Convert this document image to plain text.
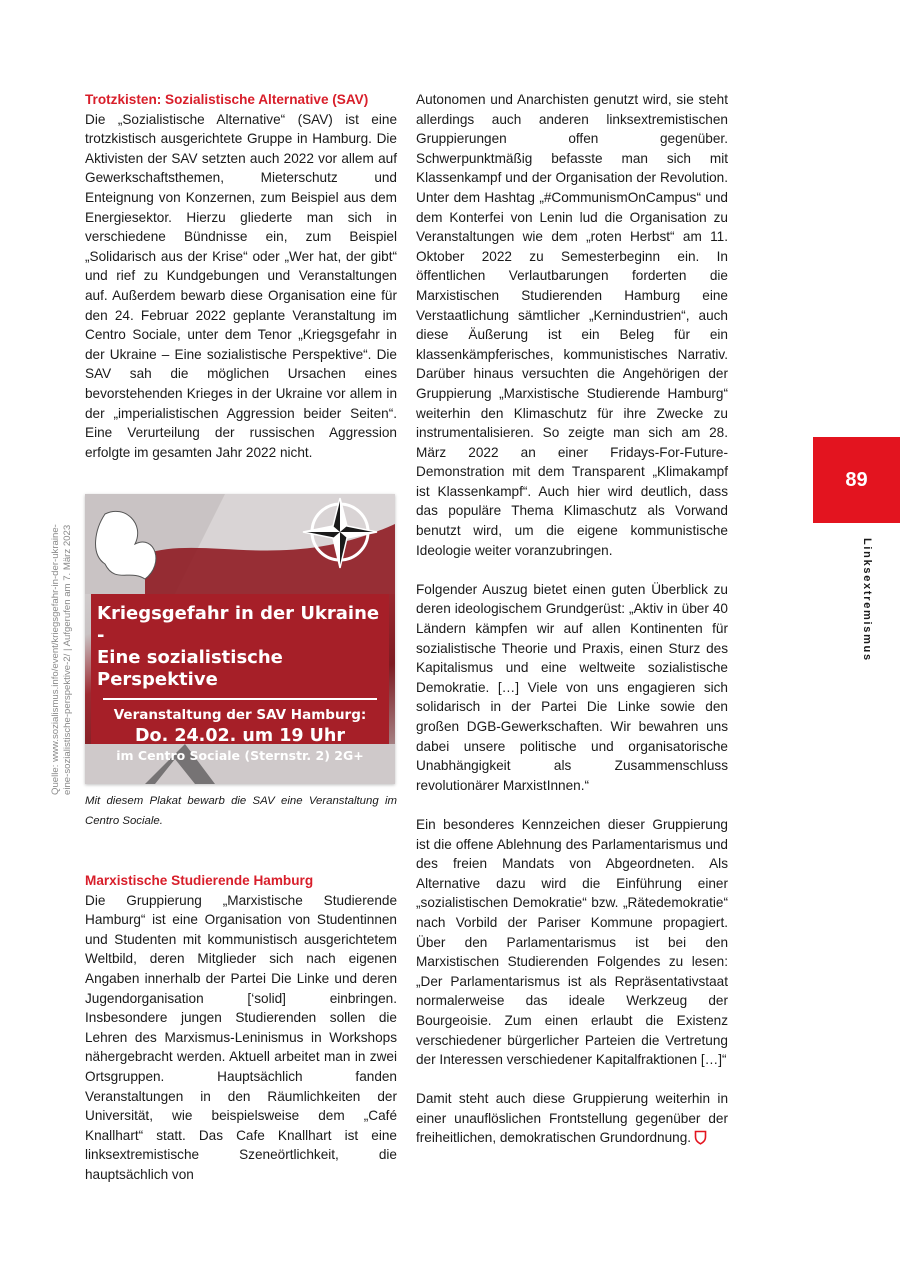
Quelle: www.sozialismus.info/event/kriegsgefahr-in-der-ukraine- eine-sozialistische-perspektive-2/ | Aufgerufen am 7. März 2023
Trotzkisten: Sozialistische Alternative (SAV)

Die „Sozialistische Alternative“ (SAV) ist eine trotzkistisch ausgerichtete Gruppe in Hamburg. Die Aktivisten der SAV setzten auch 2022 vor allem auf Gewerkschaftsthemen, Mieterschutz und Enteignung von Konzernen, zum Beispiel aus dem Energiesektor. Hierzu gliederte man sich in verschiedene Bündnisse ein, zum Beispiel „Solidarisch aus der Krise“ oder „Wer hat, der gibt“ und rief zu Kundgebungen und Veranstaltungen auf. Außerdem bewarb diese Organisation eine für den 24. Februar 2022 geplante Veranstaltung im Centro Sociale, unter dem Tenor „Kriegsgefahr in der Ukraine – Eine sozialistische Perspektive“. Die SAV sah die möglichen Ursachen eines bevorstehenden Krieges in der Ukraine vor allem in der „imperialistischen Aggression beider Seiten“. Eine Verurteilung der russischen Aggression erfolgte im gesamten Jahr 2022 nicht.

Kriegsgefahr in der Ukraine -
Eine sozialistische Perspektive
Veranstaltung der SAV Hamburg:
Do. 24.02. um 19 Uhr
im Centro Sociale (Sternstr. 2) 2G+
Mit diesem Plakat bewarb die SAV eine Veranstaltung im Centro Sociale.
Marxistische Studierende Hamburg

Die Gruppierung „Marxistische Studierende Hamburg“ ist eine Organisation von Studentinnen und Studenten mit kommunistisch ausgerichtetem Weltbild, deren Mitglieder sich nach eigenen Angaben innerhalb der Partei Die Linke und deren Jugendorganisation [‘solid] einbringen. Insbesondere jungen Studierenden sollen die Lehren des Marxismus-Leninismus in Workshops nähergebracht werden. Aktuell arbeitet man in zwei Ortsgruppen. Hauptsächlich fanden Veranstaltungen in den Räumlichkeiten der Universität, wie beispielsweise dem „Café Knallhart“ statt. Das Cafe Knallhart ist eine linksextremistische Szeneörtlichkeit, die hauptsächlich von

Autonomen und Anarchisten genutzt wird, sie steht allerdings auch anderen linksextremistischen Gruppierungen offen gegenüber. Schwerpunktmäßig befasste man sich mit Klassenkampf und der Organisation der Revolution. Unter dem Hashtag „#CommunismOnCampus“ und dem Konterfei von Lenin lud die Organisation zu Veranstaltungen wie dem „roten Herbst“ am 11. Oktober 2022 zu Semesterbeginn ein. In öffentlichen Verlautbarungen forderten die Marxistischen Studierenden Hamburg eine Verstaatlichung sämtlicher „Kernindustrien“, auch diese Äußerung ist ein Beleg für ein klassenkämpferisches, kommunistisches Narrativ. Darüber hinaus versuchten die Angehörigen der Gruppierung „Marxistische Studierende Hamburg“ weiterhin den Klimaschutz für ihre Zwecke zu instrumentalisieren. So zeigte man sich am 28. März 2022 an einer Fridays-For-Future-Demonstration mit dem Transparent „Klimakampf ist Klassenkampf“. Auch hier wird deutlich, dass das populäre Thema Klimaschutz als Vorwand benutzt wird, um die eigene kommunistische Ideologie weiter voranzubringen.

Folgender Auszug bietet einen guten Überblick zu deren ideologischem Grundgerüst: „Aktiv in über 40 Ländern kämpfen wir auf allen Kontinenten für sozialistische Theorie und Praxis, einen Sturz des Kapitalismus und eine weltweite sozialistische Demokratie. […] Viele von uns engagieren sich solidarisch in der Partei Die Linke sowie den großen DGB-Gewerkschaften. Wir bewahren uns dabei unsere politische und organisatorische Unabhängigkeit als Zusammenschluss revolutionärer MarxistInnen.“

Ein besonderes Kennzeichen dieser Gruppierung ist die offene Ablehnung des Parlamentarismus und des freien Mandats von Abgeordneten. Als Alternative dazu wird die Einführung einer „sozialistischen Demokratie“ bzw. „Rätedemokratie“ nach Vorbild der Pariser Kommune propagiert. Über den Parlamentarismus ist bei den Marxistischen Studierenden Folgendes zu lesen: „Der Parlamentarismus ist als Repräsentativstaat normalerweise das ideale Werkzeug der Bourgeoisie. Zum einen erlaubt die Existenz verschiedener bürgerlicher Parteien die Vertretung der Interessen verschiedener Kapitalfraktionen […]“

Damit steht auch diese Gruppierung weiterhin in einer unauflöslichen Frontstellung gegenüber der freiheitlichen, demokratischen Grundordnung.

89
Linksextremismus
